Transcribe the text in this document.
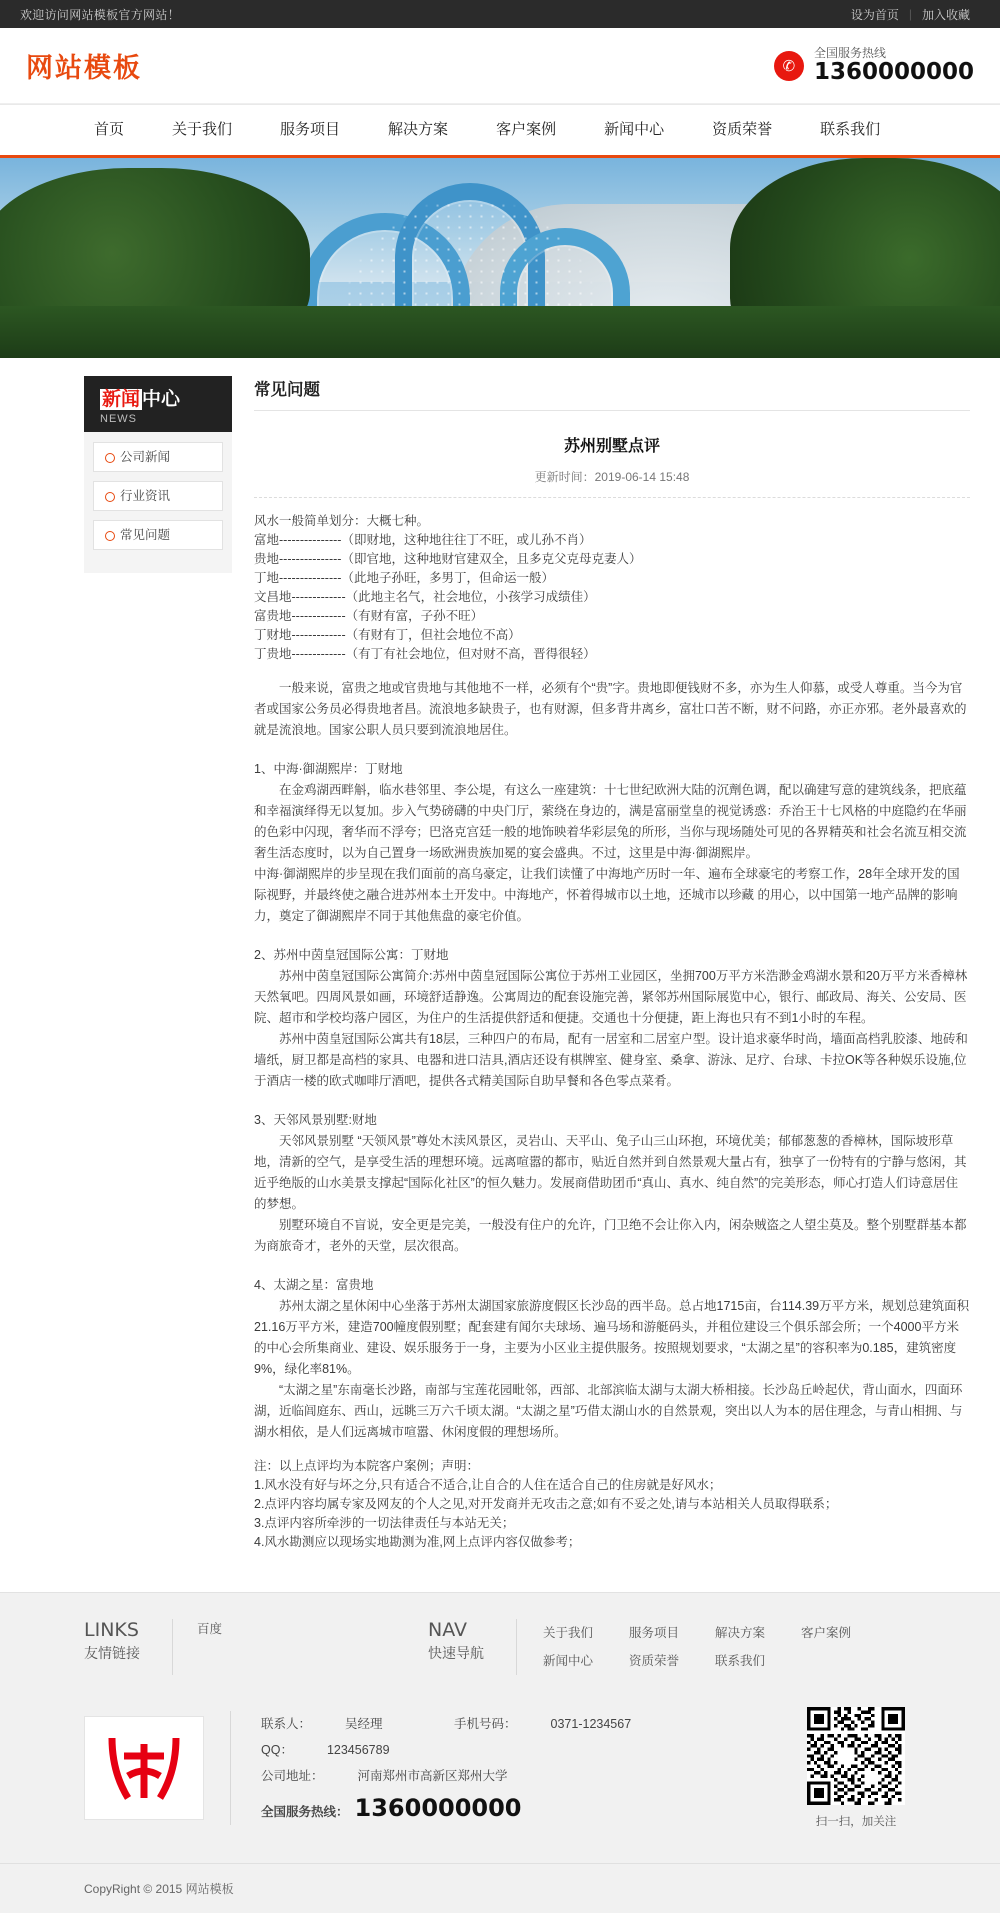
欢迎访问网站模板官方网站！	设为首页 | 加入收藏
网站模板	✆
全国服务热线
1360000000
首页	关于我们	服务项目	解决方案	客户案例	新闻中心	资质荣誉	联系我们
新闻 中心
NEWS
公司新闻
行业资讯
常见问题
常见问题
苏州别墅点评
更新时间：2019-06-14 15:48

风水一般简单划分：大概七种。

富地---------------（即财地，这种地往往丁不旺，或儿孙不肖）

贵地---------------（即官地，这种地财官建双全，且多克父克母克妻人）

丁地---------------（此地子孙旺，多男丁，但命运一般）

文昌地-------------（此地主名气，社会地位，小孩学习成绩佳）

富贵地-------------（有财有富，子孙不旺）

丁财地-------------（有财有丁，但社会地位不高）

丁贵地-------------（有丁有社会地位，但对财不高，晋得很轻）

一般来说，富贵之地或官贵地与其他地不一样，必须有个“贵”字。贵地即便钱财不多，亦为生人仰慕，或受人尊重。当今为官者或国家公务员必得贵地者昌。流浪地多缺贵子，也有财源，但多背井离乡，富壮口苦不断，财不问路，亦正亦邪。老外最喜欢的就是流浪地。国家公职人员只要到流浪地居住。

1、中海·御湖熙岸：丁财地

在金鸡湖西畔斛，临水巷邻里、李公堤，有这么一座建筑：十七世纪欧洲大陆的沉劑色调，配以确建写意的建筑线条，把底蕴和幸福演绎得无以复加。步入气势磅礴的中央门厅，萦绕在身边的，满是富丽堂皇的视觉诱惑：乔治王十七风格的中庭隐约在华丽的色彩中闪现，奢华而不浮夸；巴洛克宫廷一般的地饰映着华彩层兔的所形，当你与现场随处可见的各界精英和社会名流互相交流奢生活态度时，以为自己置身一场欧洲贵族加冕的宴会盛典。不过，这里是中海·御湖熙岸。

中海·御湖熙岸的步呈现在我们面前的高乌豪定，让我们读懂了中海地产历时一年、遍布全球豪宅的考察工作，28年全球开发的国际视野，并最终使之融合进苏州本土开发中。中海地产，怀着得城市以土地，还城市以珍藏 的用心，以中国第一地产品牌的影响力，奠定了御湖熙岸不同于其他焦盘的豪宅价值。

2、苏州中茵皇冠国际公寓：丁财地

苏州中茵皇冠国际公寓简介:苏州中茵皇冠国际公寓位于苏州工业园区，坐拥700万平方米浩渺金鸡湖水景和20万平方米香樟林天然氧吧。四周风景如画，环境舒适静逸。公寓周边的配套设施完善，紧邻苏州国际展览中心，银行、邮政局、海关、公安局、医院、超市和学校均落户园区，为住户的生活提供舒适和便捷。交通也十分便捷，距上海也只有不到1小时的车程。

苏州中茵皇冠国际公寓共有18层，三种四户的布局，配有一居室和二居室户型。设计追求豪华时尚，墙面高档乳胶漆、地砖和墙纸，厨卫都是高档的家具、电器和进口洁具,酒店还设有棋牌室、健身室、桑拿、游泳、足疗、台球、卡拉OK等各种娱乐设施,位于酒店一楼的欧式咖啡厅酒吧，提供各式精美国际自助早餐和各色零点菜肴。

3、天邻风景别墅:财地

天邻风景别墅 “天领风景”尊处木渎风景区，灵岩山、天平山、兔子山三山环抱，环境优美；郁郁葱葱的香樟林，国际坡形草地，清新的空气，是享受生活的理想环境。远离喧嚣的都市，贴近自然并到自然景观大量占有，独享了一份特有的宁静与悠闲，其近乎绝版的山水美景支撑起“国际化社区”的恒久魅力。发展商借助团币“真山、真水、纯自然”的完美形态，师心打造人们诗意居住的梦想。

别墅环境自不盲说，安全更是完美，一般没有住户的允许，门卫绝不会让你入内，闲杂贼盗之人望尘莫及。整个别墅群基本都为商旅奇才，老外的天堂，层次很高。

4、太湖之星：富贵地

苏州太湖之星休闲中心坐落于苏州太湖国家旅游度假区长沙岛的西半岛。总占地1715亩，台114.39万平方米，规划总建筑面积21.16万平方米，建造700幢度假别墅；配套建有闻尔夫球场、遍马场和游艇码头，并租位建设三个俱乐部会所；一个4000平方米的中心会所集商业、建设、娱乐服务于一身，主要为小区业主提供服务。按照规划要求，“太湖之星”的容积率为0.185，建筑密度9%，绿化率81%。

“太湖之星”东南毫长沙路，南部与宝莲花园毗邻，西部、北部滨临太湖与太湖大桥相接。长沙岛丘岭起伏，背山面水，四面环湖，近临闾庭东、西山，远眺三万六千顷太湖。“太湖之星”巧借太湖山水的自然景观，突出以人为本的居住理念，与青山相拥、与湖水相依，是人们远离城市喧嚣、休闲度假的理想场所。

注：以上点评均为本院客户案例；声明：

1.风水没有好与坏之分,只有适合不适合,让自合的人住在适合自己的住房就是好风水；

2.点评内容均属专家及网友的个人之见,对开发商并无攻击之意;如有不妥之处,请与本站相关人员取得联系；

3.点评内容所牵涉的一切法律责任与本站无关；

4.风水勘测应以现场实地勘测为准,网上点评内容仅做参考；

LINKS
友情链接
百度	NAV
快速导航
关于我们	服务项目	解决方案	客户案例
新闻中心	资质荣誉	联系我们
联系人：	吴经理	手机号码：	0371-1234567
QQ：	123456789
公司地址：	河南郑州市高新区郑州大学
全国服务热线： 1360000000	扫一扫，加关注
CopyRight © 2015 网站模板
